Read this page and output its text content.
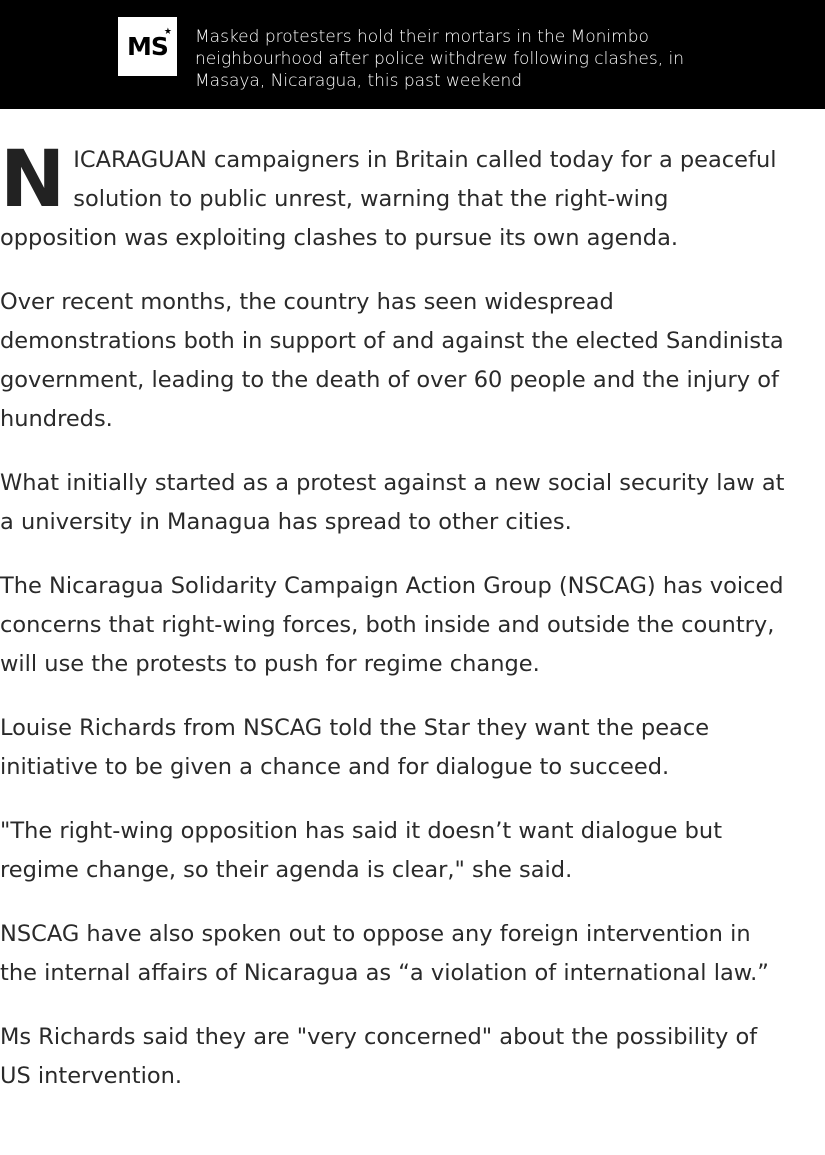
MS
★ Masked protesters hold their mortars in the Monimbo neighbourhood after police withdrew following clashes, in Masaya, Nicaragua, this past weekend

NICARAGUAN campaigners in Britain called today for a peaceful solution to public unrest, warning that the right-wing opposition was exploiting clashes to pursue its own agenda.

Over recent months, the country has seen widespread demonstrations both in support of and against the elected Sandinista government, leading to the death of over 60 people and the injury of hundreds.

What initially started as a protest against a new social security law at a university in Managua has spread to other cities.

The Nicaragua Solidarity Campaign Action Group (NSCAG) has voiced concerns that right-wing forces, both inside and outside the country, will use the protests to push for regime change.

Louise Richards from NSCAG told the Star they want the peace initiative to be given a chance and for dialogue to succeed.

"The right-wing opposition has said it doesn’t want dialogue but regime change, so their agenda is clear," she said.

NSCAG have also spoken out to oppose any foreign intervention in the internal affairs of Nicaragua as “a violation of international law.”

Ms Richards said they are "very concerned" about the possibility of US intervention.
